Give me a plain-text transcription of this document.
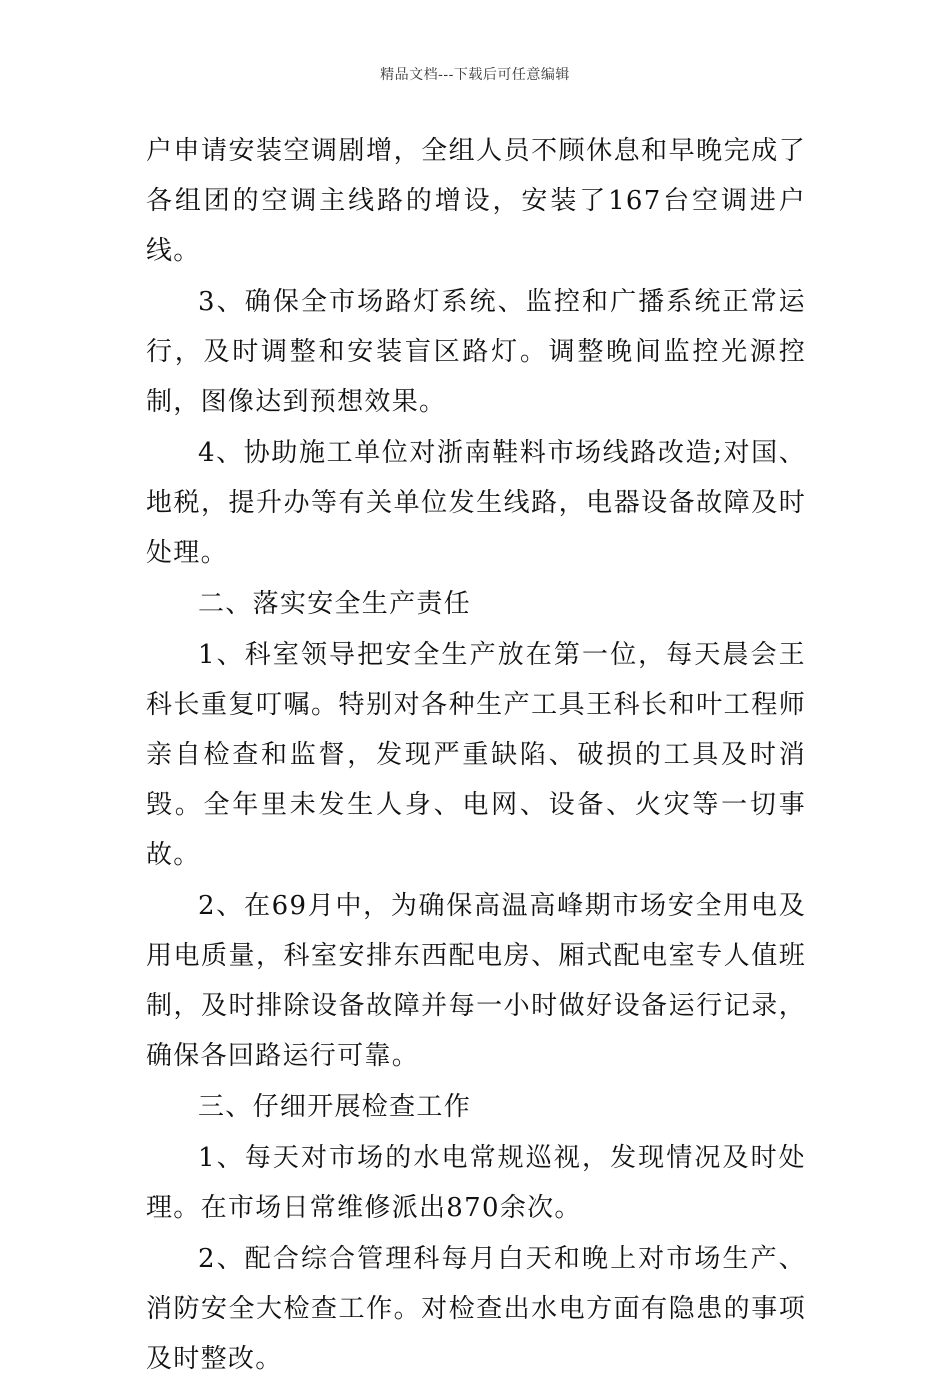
精品文档---下载后可任意编辑

户申请安装空调剧增，全组人员不顾休息和早晚完成了各组团的空调主线路的增设，安装了167台空调进户线。

3、确保全市场路灯系统、监控和广播系统正常运行，及时调整和安装盲区路灯。调整晚间监控光源控制，图像达到预想效果。

4、协助施工单位对浙南鞋料市场线路改造;对国、地税，提升办等有关单位发生线路，电器设备故障及时处理。

二、落实安全生产责任

1、科室领导把安全生产放在第一位，每天晨会王科长重复叮嘱。特别对各种生产工具王科长和叶工程师亲自检查和监督，发现严重缺陷、破损的工具及时消毁。全年里未发生人身、电网、设备、火灾等一切事故。

2、在69月中，为确保高温高峰期市场安全用电及用电质量，科室安排东西配电房、厢式配电室专人值班制，及时排除设备故障并每一小时做好设备运行记录，确保各回路运行可靠。

三、仔细开展检查工作

1、每天对市场的水电常规巡视，发现情况及时处理。在市场日常维修派出870余次。

2、配合综合管理科每月白天和晚上对市场生产、消防安全大检查工作。对检查出水电方面有隐患的事项及时整改。
